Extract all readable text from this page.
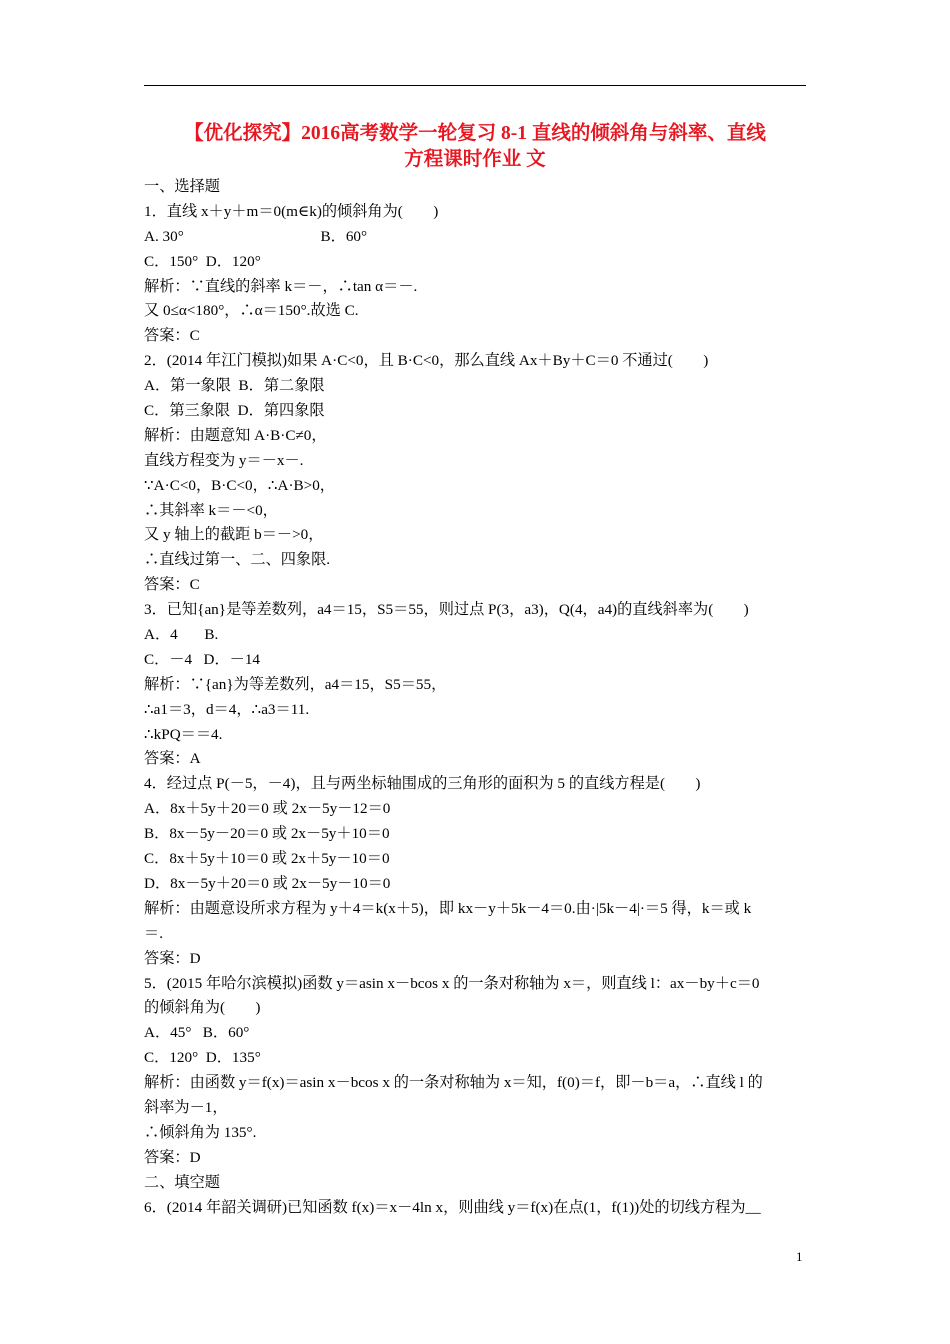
【优化探究】2016高考数学一轮复习 8-1 直线的倾斜角与斜率、直线
方程课时作业 文
一、选择题
1．直线 x＋y＋m＝0(m∈k)的倾斜角为(　　)
A. 30°                                    B．60°
C．150°  D．120°
解析：∵直线的斜率 k＝－，∴tan α＝－.
又 0≤α<180°，∴α＝150°.故选 C.
答案：C
2．(2014 年江门模拟)如果 A·C<0，且 B·C<0，那么直线 Ax＋By＋C＝0 不通过(　　)
A．第一象限  B．第二象限
C．第三象限  D．第四象限
解析：由题意知 A·B·C≠0，
直线方程变为 y＝－x－.
∵A·C<0，B·C<0，∴A·B>0，
∴其斜率 k＝－<0，
又 y 轴上的截距 b＝－>0，
∴直线过第一、二、四象限.
答案：C
3．已知{an}是等差数列，a4＝15，S5＝55，则过点 P(3，a3)，Q(4，a4)的直线斜率为(　　)
A．4       B.
C．－4   D．－14
解析：∵{an}为等差数列，a4＝15，S5＝55，
∴a1＝3，d＝4，∴a3＝11.
∴kPQ＝＝4.
答案：A
4．经过点 P(－5，－4)，且与两坐标轴围成的三角形的面积为 5 的直线方程是(　　)
A．8x＋5y＋20＝0 或 2x－5y－12＝0
B．8x－5y－20＝0 或 2x－5y＋10＝0
C．8x＋5y＋10＝0 或 2x＋5y－10＝0
D．8x－5y＋20＝0 或 2x－5y－10＝0
解析：由题意设所求方程为 y＋4＝k(x＋5)，即 kx－y＋5k－4＝0.由·|5k－4|·＝5 得，k＝或 k
＝.
答案：D
5．(2015 年哈尔滨模拟)函数 y＝asin x－bcos x 的一条对称轴为 x＝，则直线 l：ax－by＋c＝0
的倾斜角为(　　)
A．45°   B．60°
C．120°  D．135°
解析：由函数 y＝f(x)＝asin x－bcos x 的一条对称轴为 x＝知，f(0)＝f，即－b＝a，∴直线 l 的
斜率为－1，
∴倾斜角为 135°.
答案：D
二、填空题
6．(2014 年韶关调研)已知函数 f(x)＝x－4ln x，则曲线 y＝f(x)在点(1，f(1))处的切线方程为__
1
